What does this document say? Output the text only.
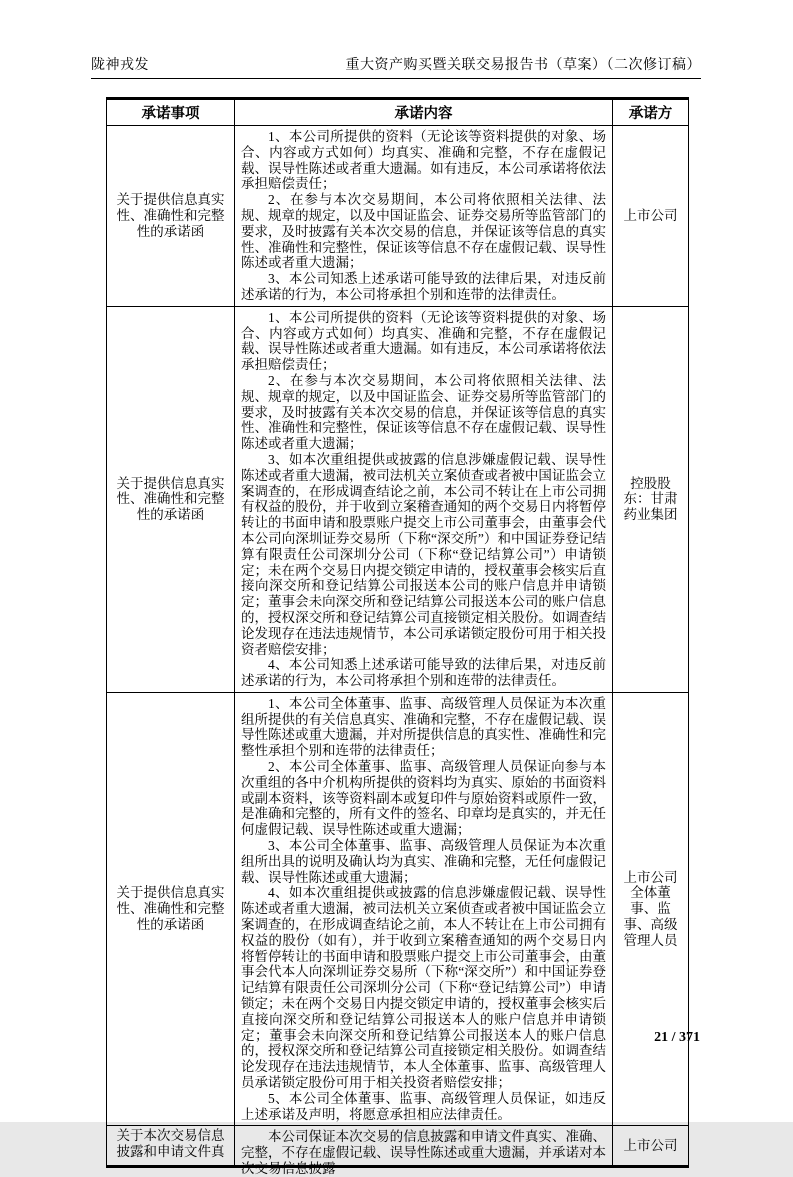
陇神戎发	重大资产购买暨关联交易报告书（草案）（二次修订稿）
承诺事项	承诺内容	承诺方
关于提供信息真实性、准确性和完整性的承诺函	1、本公司所提供的资料（无论该等资料提供的对象、场合、内容或方式如何）均真实、准确和完整，不存在虚假记载、误导性陈述或者重大遗漏。如有违反，本公司承诺将依法承担赔偿责任；

2、在参与本次交易期间，本公司将依照相关法律、法规、规章的规定，以及中国证监会、证券交易所等监管部门的要求，及时披露有关本次交易的信息，并保证该等信息的真实性、准确性和完整性，保证该等信息不存在虚假记载、误导性陈述或者重大遗漏；

3、本公司知悉上述承诺可能导致的法律后果，对违反前述承诺的行为，本公司将承担个别和连带的法律责任。	上市公司
关于提供信息真实性、准确性和完整性的承诺函	1、本公司所提供的资料（无论该等资料提供的对象、场合、内容或方式如何）均真实、准确和完整，不存在虚假记载、误导性陈述或者重大遗漏。如有违反，本公司承诺将依法承担赔偿责任；

2、在参与本次交易期间，本公司将依照相关法律、法规、规章的规定，以及中国证监会、证券交易所等监管部门的要求，及时披露有关本次交易的信息，并保证该等信息的真实性、准确性和完整性，保证该等信息不存在虚假记载、误导性陈述或者重大遗漏；

3、如本次重组提供或披露的信息涉嫌虚假记载、误导性陈述或者重大遗漏，被司法机关立案侦查或者被中国证监会立案调查的，在形成调查结论之前，本公司不转让在上市公司拥有权益的股份，并于收到立案稽查通知的两个交易日内将暂停转让的书面申请和股票账户提交上市公司董事会，由董事会代本公司向深圳证券交易所（下称“深交所”）和中国证券登记结算有限责任公司深圳分公司（下称“登记结算公司”）申请锁定；未在两个交易日内提交锁定申请的，授权董事会核实后直接向深交所和登记结算公司报送本公司的账户信息并申请锁定；董事会未向深交所和登记结算公司报送本公司的账户信息的，授权深交所和登记结算公司直接锁定相关股份。如调查结论发现存在违法违规情节，本公司承诺锁定股份可用于相关投资者赔偿安排；

4、本公司知悉上述承诺可能导致的法律后果，对违反前述承诺的行为，本公司将承担个别和连带的法律责任。	控股股东：甘肃药业集团
关于提供信息真实性、准确性和完整性的承诺函	1、本公司全体董事、监事、高级管理人员保证为本次重组所提供的有关信息真实、准确和完整，不存在虚假记载、误导性陈述或重大遗漏，并对所提供信息的真实性、准确性和完整性承担个别和连带的法律责任；

2、本公司全体董事、监事、高级管理人员保证向参与本次重组的各中介机构所提供的资料均为真实、原始的书面资料或副本资料，该等资料副本或复印件与原始资料或原件一致，是准确和完整的，所有文件的签名、印章均是真实的，并无任何虚假记载、误导性陈述或重大遗漏；

3、本公司全体董事、监事、高级管理人员保证为本次重组所出具的说明及确认均为真实、准确和完整，无任何虚假记载、误导性陈述或重大遗漏；

4、如本次重组提供或披露的信息涉嫌虚假记载、误导性陈述或者重大遗漏，被司法机关立案侦查或者被中国证监会立案调查的，在形成调查结论之前，本人不转让在上市公司拥有权益的股份（如有），并于收到立案稽查通知的两个交易日内将暂停转让的书面申请和股票账户提交上市公司董事会，由董事会代本人向深圳证券交易所（下称“深交所”）和中国证券登记结算有限责任公司深圳分公司（下称“登记结算公司”）申请锁定；未在两个交易日内提交锁定申请的，授权董事会核实后直接向深交所和登记结算公司报送本人的账户信息并申请锁定；董事会未向深交所和登记结算公司报送本人的账户信息的，授权深交所和登记结算公司直接锁定相关股份。如调查结论发现存在违法违规情节，本人全体董事、监事、高级管理人员承诺锁定股份可用于相关投资者赔偿安排；

5、本公司全体董事、监事、高级管理人员保证，如违反上述承诺及声明，将愿意承担相应法律责任。	上市公司全体董事、监事、高级管理人员

关于本次交易信息披露和申请文件真	本公司保证本次交易的信息披露和申请文件真实、准确、完整，不存在虚假记载、误导性陈述或重大遗漏，并承诺对本次交易信息披露	上市公司
21 / 371
